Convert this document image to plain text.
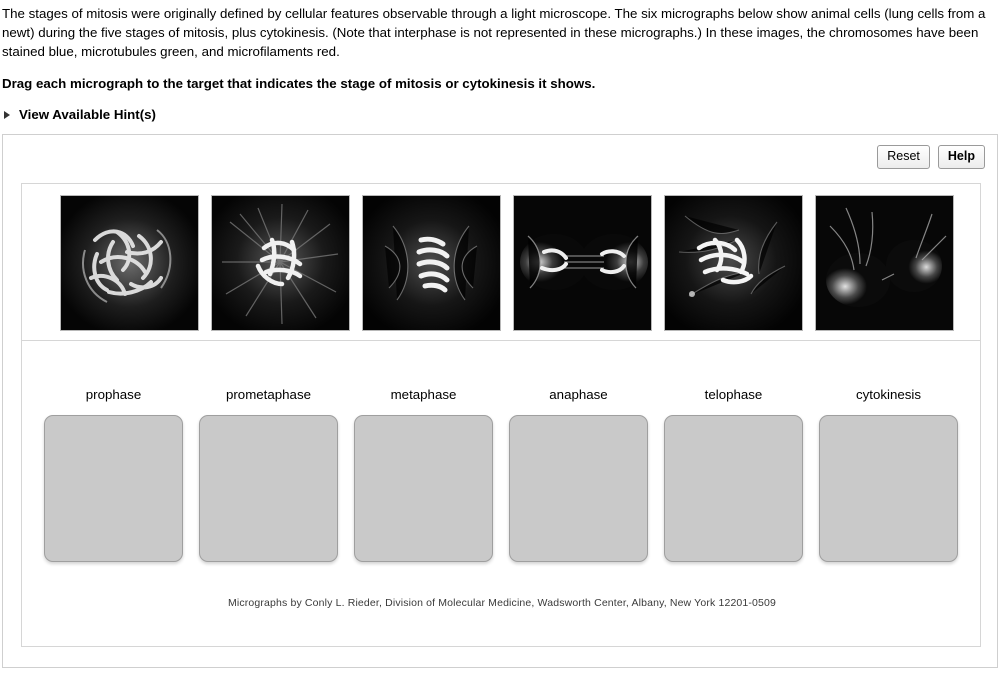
The stages of mitosis were originally defined by cellular features observable through a light microscope. The six micrographs below show animal cells (lung cells from a newt) during the five stages of mitosis, plus cytokinesis. (Note that interphase is not represented in these micrographs.) In these images, the chromosomes have been stained blue, microtubules green, and microfilaments red.

Drag each micrograph to the target that indicates the stage of mitosis or cytokinesis it shows.
View Available Hint(s)
Reset	Help
prophase	prometaphase	metaphase	anaphase	telophase	cytokinesis
Micrographs by Conly L. Rieder, Division of Molecular Medicine, Wadsworth Center, Albany, New York 12201-0509
